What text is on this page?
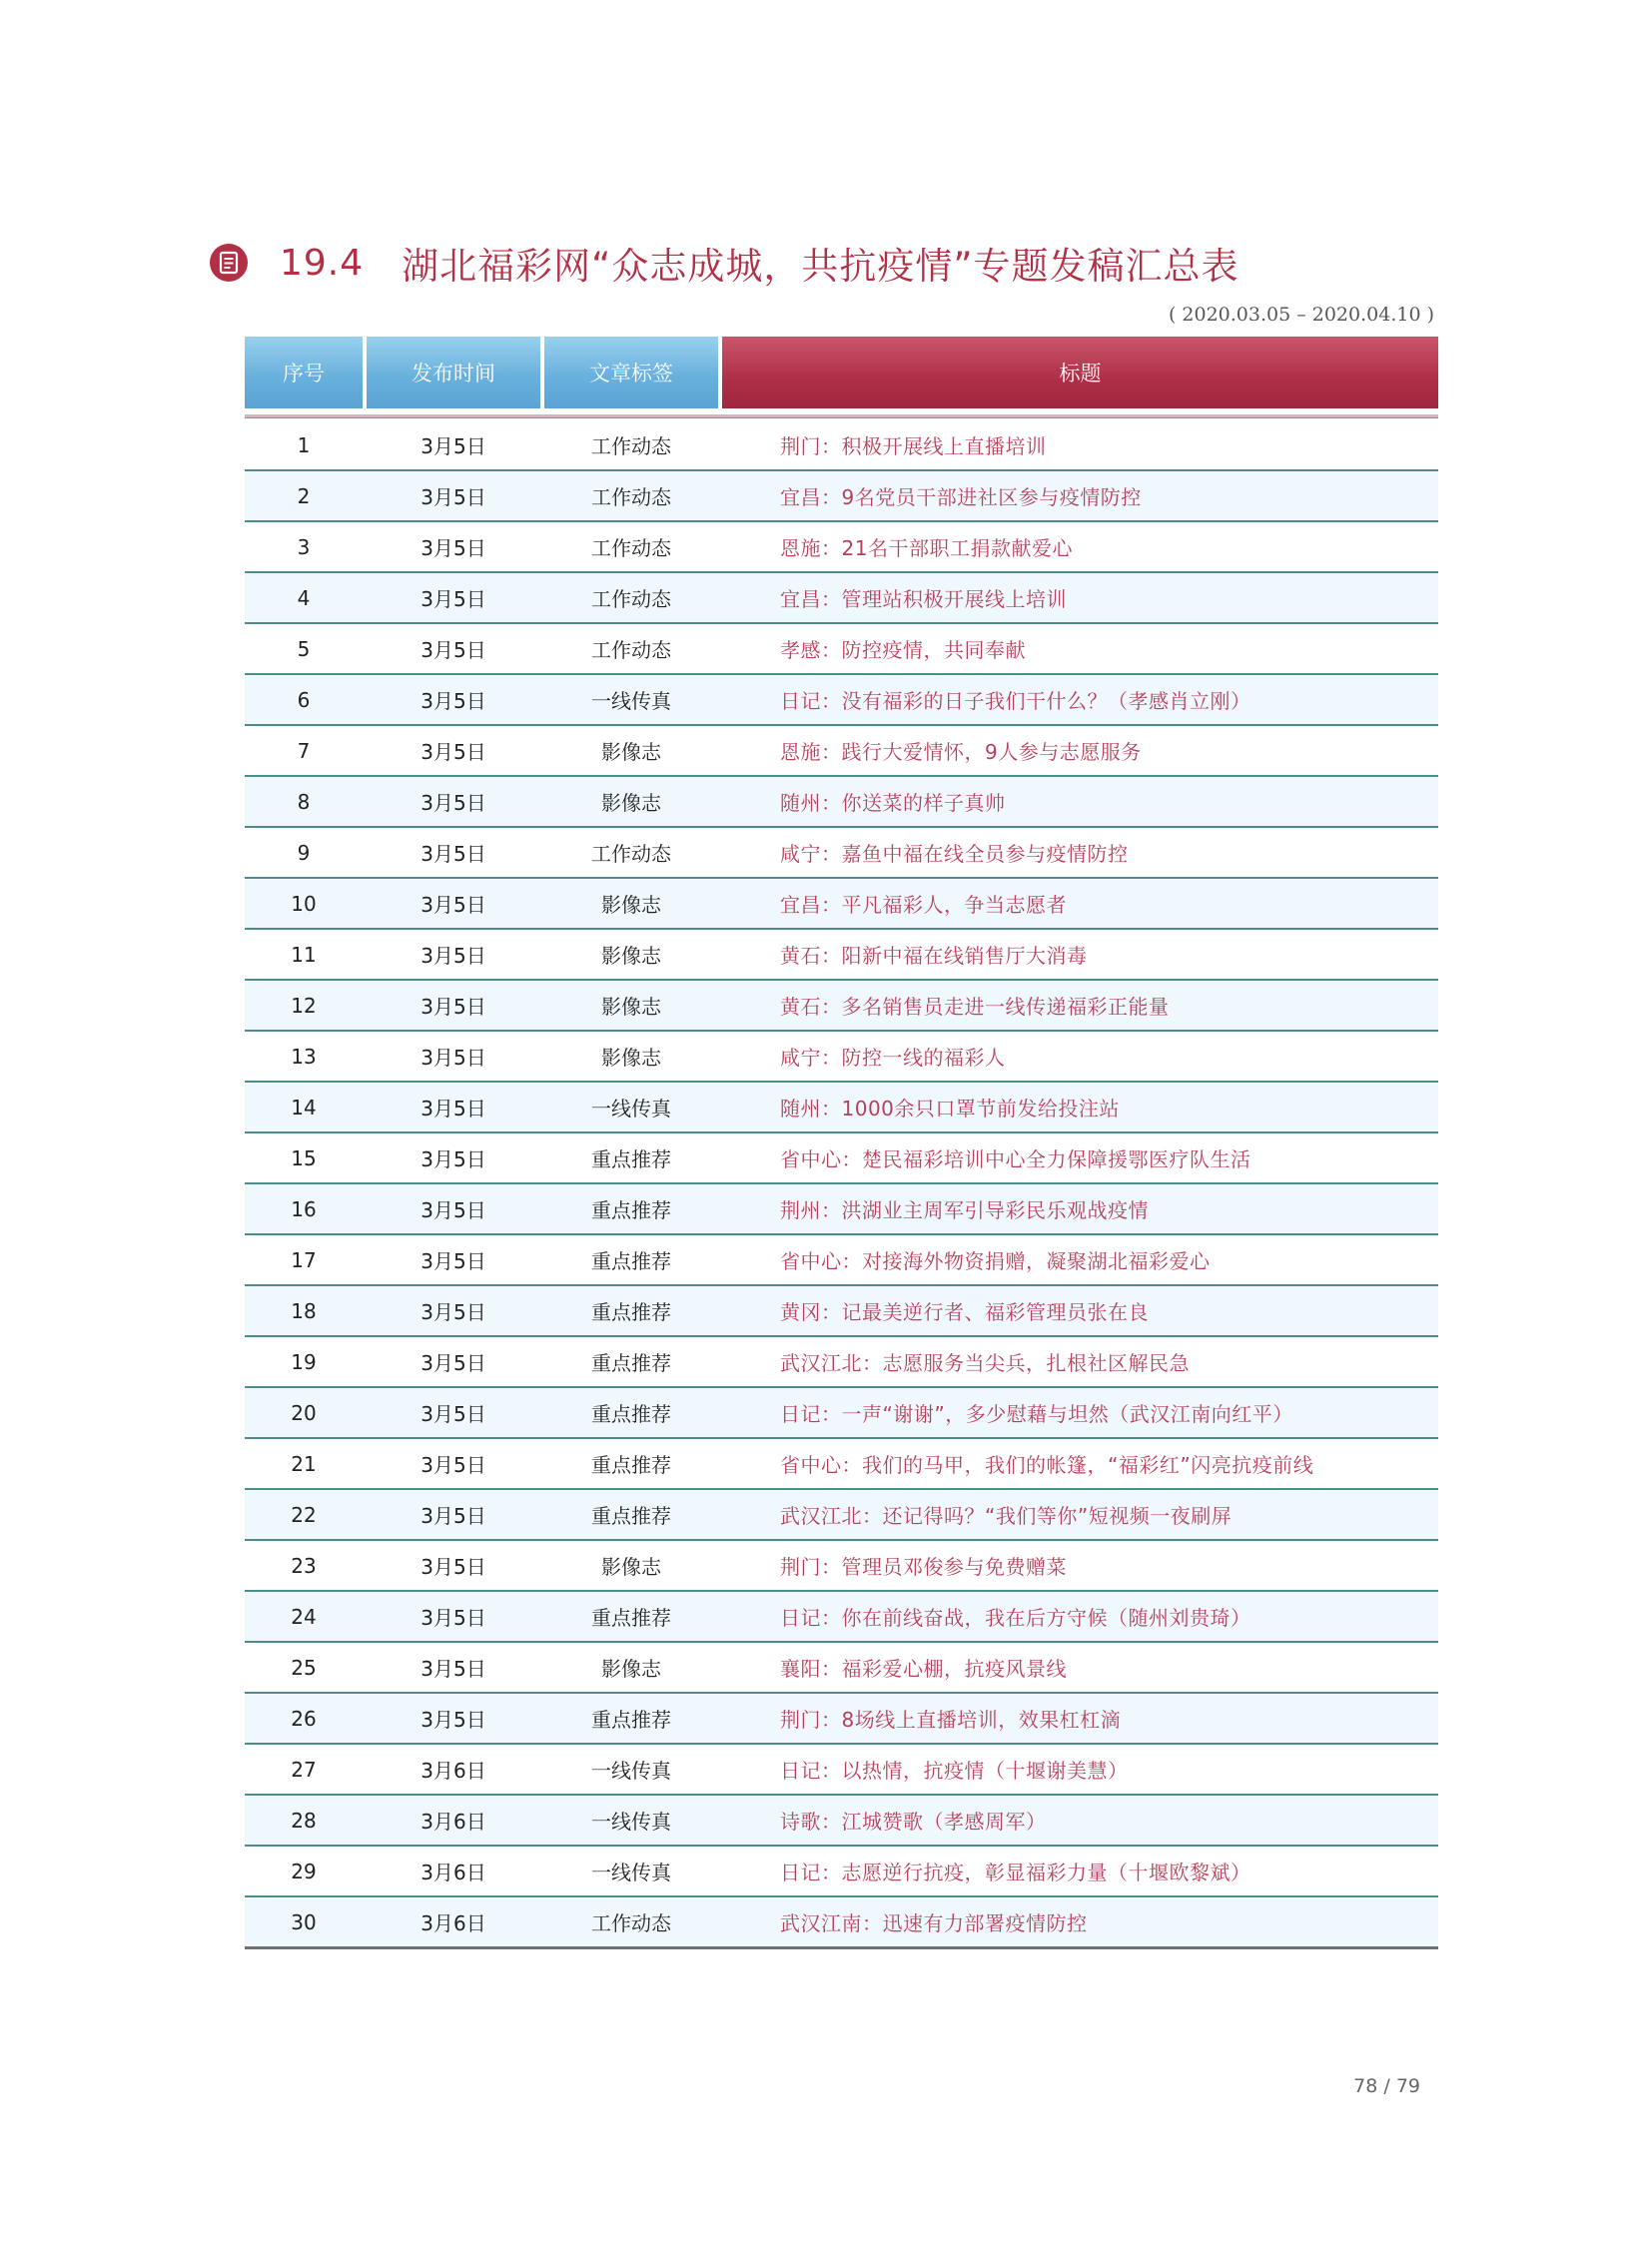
19.4 湖北福彩网“众志成城，共抗疫情”专题发稿汇总表
( 2020.03.05 – 2020.04.10 )
序号	发布时间	文章标签	标题
1	3月5日	工作动态	荆门：积极开展线上直播培训
2	3月5日	工作动态	宜昌：9名党员干部进社区参与疫情防控
3	3月5日	工作动态	恩施：21名干部职工捐款献爱心
4	3月5日	工作动态	宜昌：管理站积极开展线上培训
5	3月5日	工作动态	孝感：防控疫情，共同奉献
6	3月5日	一线传真	日记：没有福彩的日子我们干什么？（孝感肖立刚）
7	3月5日	影像志	恩施：践行大爱情怀，9人参与志愿服务
8	3月5日	影像志	随州：你送菜的样子真帅
9	3月5日	工作动态	咸宁：嘉鱼中福在线全员参与疫情防控
10	3月5日	影像志	宜昌：平凡福彩人，争当志愿者
11	3月5日	影像志	黄石：阳新中福在线销售厅大消毒
12	3月5日	影像志	黄石：多名销售员走进一线传递福彩正能量
13	3月5日	影像志	咸宁：防控一线的福彩人
14	3月5日	一线传真	随州：1000余只口罩节前发给投注站
15	3月5日	重点推荐	省中心：楚民福彩培训中心全力保障援鄂医疗队生活
16	3月5日	重点推荐	荆州：洪湖业主周军引导彩民乐观战疫情
17	3月5日	重点推荐	省中心：对接海外物资捐赠，凝聚湖北福彩爱心
18	3月5日	重点推荐	黄冈：记最美逆行者、福彩管理员张在良
19	3月5日	重点推荐	武汉江北：志愿服务当尖兵，扎根社区解民急
20	3月5日	重点推荐	日记：一声“谢谢”，多少慰藉与坦然（武汉江南向红平）
21	3月5日	重点推荐	省中心：我们的马甲，我们的帐篷，“福彩红”闪亮抗疫前线
22	3月5日	重点推荐	武汉江北：还记得吗？“我们等你”短视频一夜刷屏
23	3月5日	影像志	荆门：管理员邓俊参与免费赠菜
24	3月5日	重点推荐	日记：你在前线奋战，我在后方守候（随州刘贵琦）
25	3月5日	影像志	襄阳：福彩爱心棚，抗疫风景线
26	3月5日	重点推荐	荆门：8场线上直播培训，效果杠杠滴
27	3月6日	一线传真	日记：以热情，抗疫情（十堰谢美慧）
28	3月6日	一线传真	诗歌：江城赞歌（孝感周军）
29	3月6日	一线传真	日记：志愿逆行抗疫，彰显福彩力量（十堰欧黎斌）
30	3月6日	工作动态	武汉江南：迅速有力部署疫情防控
78 / 79
